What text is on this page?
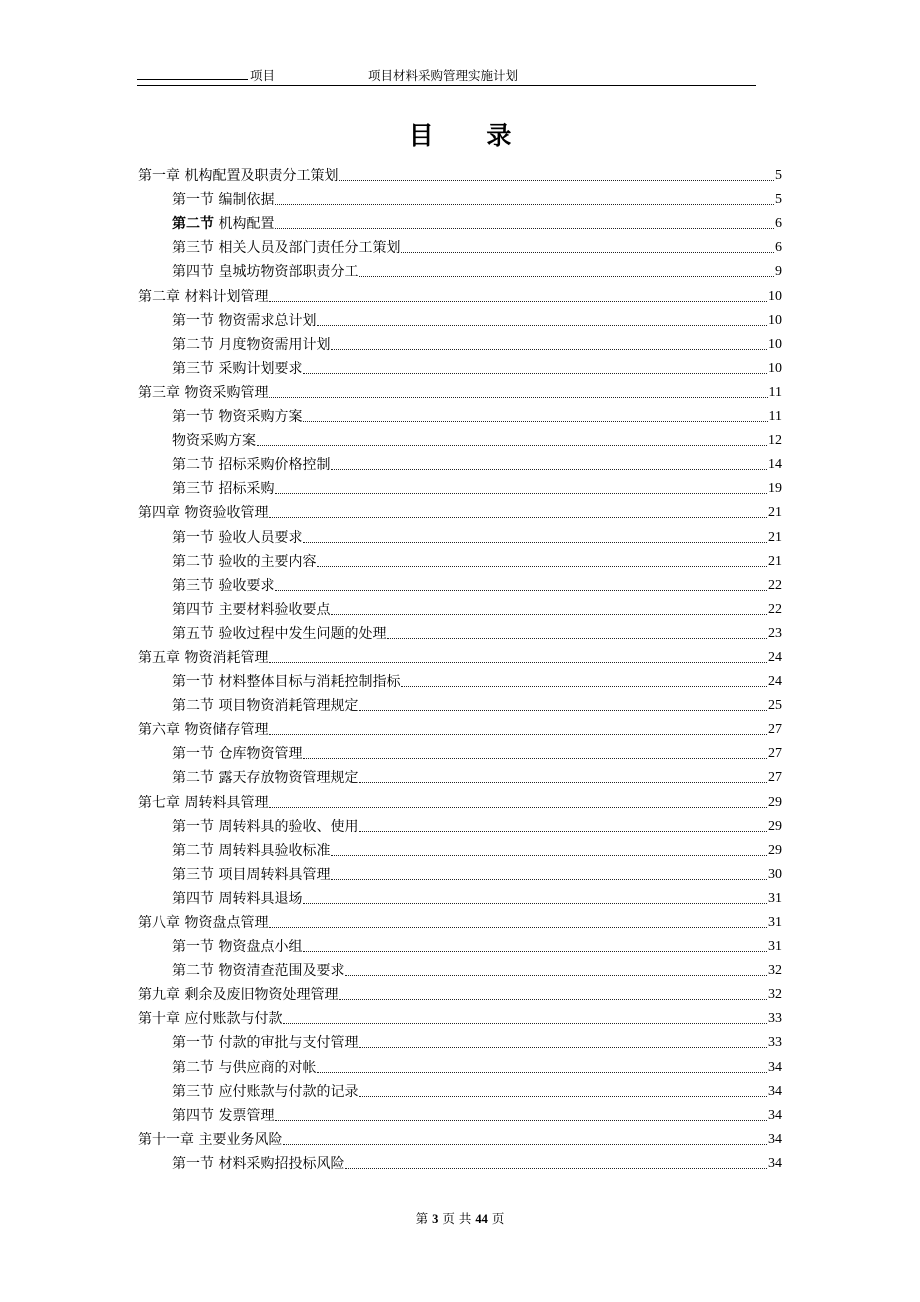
项目	项目材料采购管理实施计划
目 录
第一章 机构配置及职责分工策划	5
第一节 编制依据	5
第二节 机构配置	6
第三节 相关人员及部门责任分工策划	6
第四节 皇城坊物资部职责分工	9
第二章 材料计划管理	10
第一节 物资需求总计划	10
第二节 月度物资需用计划	10
第三节 采购计划要求	10
第三章 物资采购管理	11
第一节 物资采购方案	11
物资采购方案	12
第二节 招标采购价格控制	14
第三节 招标采购	19
第四章 物资验收管理	21
第一节 验收人员要求	21
第二节 验收的主要内容	21
第三节 验收要求	22
第四节 主要材料验收要点	22
第五节 验收过程中发生问题的处理	23
第五章 物资消耗管理	24
第一节 材料整体目标与消耗控制指标	24
第二节 项目物资消耗管理规定	25
第六章 物资储存管理	27
第一节 仓库物资管理	27
第二节 露天存放物资管理规定	27
第七章 周转料具管理	29
第一节 周转料具的验收、使用	29
第二节 周转料具验收标准	29
第三节 项目周转料具管理	30
第四节 周转料具退场	31
第八章 物资盘点管理	31
第一节 物资盘点小组	31
第二节 物资清查范围及要求	32
第九章 剩余及废旧物资处理管理	32
第十章 应付账款与付款	33
第一节 付款的审批与支付管理	33
第二节 与供应商的对帐	34
第三节 应付账款与付款的记录	34
第四节 发票管理	34
第十一章 主要业务风险	34
第一节 材料采购招投标风险	34
第 3 页 共 44 页
